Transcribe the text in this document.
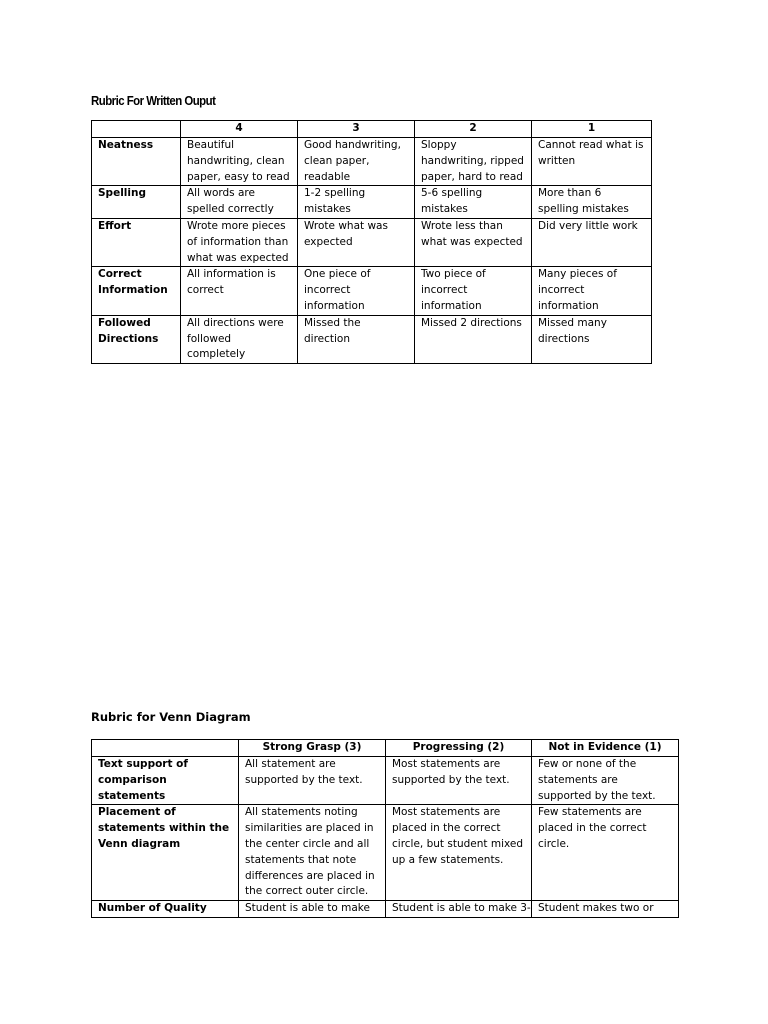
Rubric For Written Ouput
	4	3	2	1
Neatness	Beautiful handwriting, clean paper, easy to read	Good handwriting, clean paper, readable	Sloppy handwriting, ripped paper, hard to read	Cannot read what is written
Spelling	All words are spelled correctly	1-2 spelling mistakes	5-6 spelling mistakes	More than 6 spelling mistakes
Effort	Wrote more pieces of information than what was expected	Wrote what was expected	Wrote less than what was expected	Did very little work
Correct Information	All information is correct	One piece of incorrect information	Two piece of incorrect information	Many pieces of incorrect information
Followed Directions	All directions were followed completely	Missed the direction	Missed 2 directions	Missed many directions
Rubric for Venn Diagram
	Strong Grasp (3)	Progressing (2)	Not in Evidence (1)
Text support of comparison statements	All statement are supported by the text.	Most statements are supported by the text.	Few or none of the statements are supported by the text.
Placement of statements within the Venn diagram	All statements noting similarities are placed in the center circle and all statements that note differences are placed in the correct outer circle.	Most statements are placed in the correct circle, but student mixed up a few statements.	Few statements are placed in the correct circle.
Number of Quality	Student is able to make	Student is able to make 3-	Student makes two or
